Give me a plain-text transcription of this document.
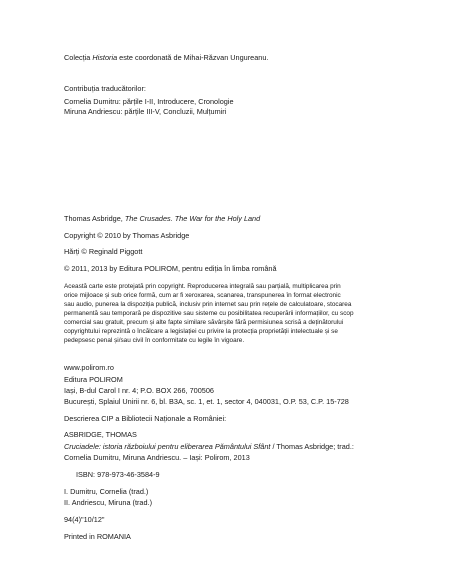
Colecția Historia este coordonată de Mihai-Răzvan Ungureanu.
Contribuția traducătorilor:
Cornelia Dumitru: părțile I-II, Introducere, Cronologie
Miruna Andriescu: părțile III-V, Concluzii, Mulțumiri
Thomas Asbridge, The Crusades. The War for the Holy Land
Copyright © 2010 by Thomas Asbridge
Hărți © Reginald Piggott
© 2011, 2013 by Editura POLIROM, pentru ediția în limba română
Această carte este protejată prin copyright. Reproducerea integrală sau parțială, multiplicarea prin
orice mijloace și sub orice formă, cum ar fi xeroxarea, scanarea, transpunerea în format electronic
sau audio, punerea la dispoziția publică, inclusiv prin internet sau prin rețele de calculatoare, stocarea
permanentă sau temporară pe dispozitive sau sisteme cu posibilitatea recuperării informațiilor, cu scop
comercial sau gratuit, precum și alte fapte similare săvârșite fără permisiunea scrisă a deținătorului
copyrightului reprezintă o încălcare a legislației cu privire la protecția proprietății intelectuale și se
pedepsesc penal și/sau civil în conformitate cu legile în vigoare.
www.polirom.ro
Editura POLIROM
Iași, B-dul Carol I nr. 4; P.O. BOX 266, 700506
București, Splaiul Unirii nr. 6, bl. B3A, sc. 1, et. 1, sector 4, 040031, O.P. 53, C.P. 15-728
Descrierea CIP a Bibliotecii Naționale a României:
ASBRIDGE, THOMAS
Cruciadele: istoria războiului pentru eliberarea Pământului Sfânt / Thomas Asbridge; trad.:
Cornelia Dumitru, Miruna Andriescu. – Iași: Polirom, 2013
ISBN: 978-973-46-3584-9
I. Dumitru, Cornelia (trad.)
II. Andriescu, Miruna (trad.)
94(4)"10/12"
Printed in ROMANIA
